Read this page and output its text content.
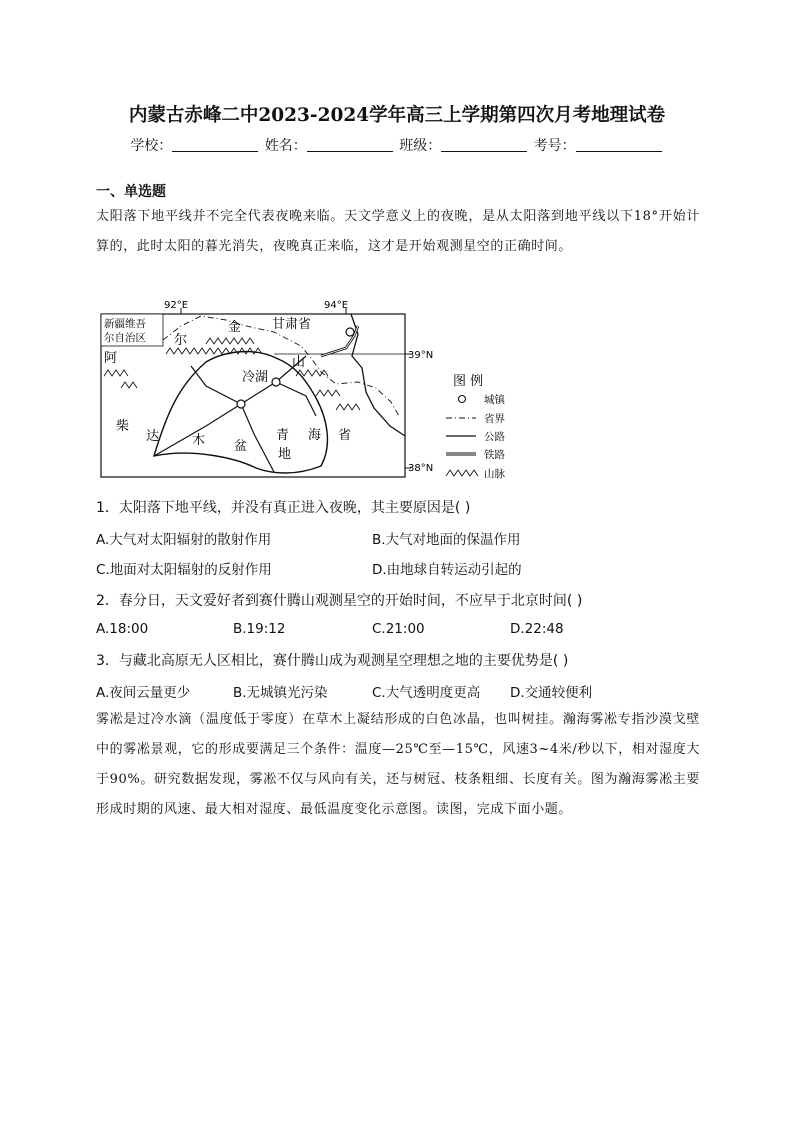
内蒙古赤峰二中2023-2024学年高三上学期第四次月考地理试卷
学校：	姓名：	班级：	考号：
一、单选题
太阳落下地平线并不完全代表夜晚来临。天文学意义上的夜晚，是从太阳落到地平线以下18°开始计算的，此时太阳的暮光消失，夜晚真正来临，这才是开始观测星空的正确时间。
92°E	94°E
39°N
38°N
新疆维吾
尔自治区
阿
尔
金 甘肃省
山
冷湖
柴
达	木 盆
青
地
海 省
图 例
城镇
省界
公路
铁路
山脉
1．太阳落下地平线，并没有真正进入夜晚，其主要原因是( )
A.大气对太阳辐射的散射作用	B.大气对地面的保温作用
C.地面对太阳辐射的反射作用	D.由地球自转运动引起的
2．春分日，天文爱好者到赛什腾山观测星空的开始时间，不应早于北京时间( )
A.18:00	B.19:12	C.21:00	D.22:48
3．与藏北高原无人区相比，赛什腾山成为观测星空理想之地的主要优势是( )
A.夜间云量更少	B.无城镇光污染	C.大气透明度更高 D.交通较便利
雾凇是过冷水滴（温度低于零度）在草木上凝结形成的白色冰晶，也叫树挂。瀚海雾凇专指沙漠戈壁中的雾凇景观，它的形成要满足三个条件：温度—25℃至—15℃，风速3~4米/秒以下，相对湿度大于90%。研究数据发现，雾凇不仅与风向有关，还与树冠、枝条粗细、长度有关。图为瀚海雾凇主要形成时期的风速、最大相对湿度、最低温度变化示意图。读图，完成下面小题。
